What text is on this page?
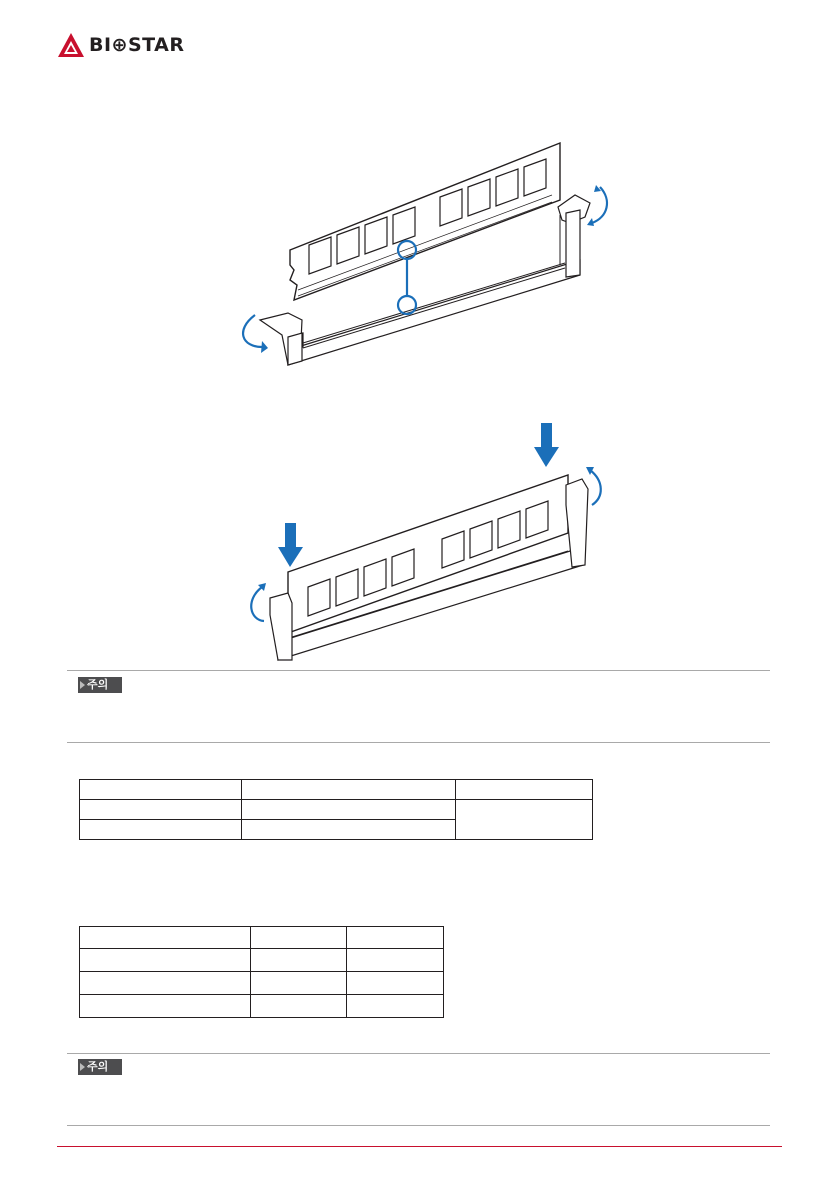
BI⊕STAR
주의

주의
